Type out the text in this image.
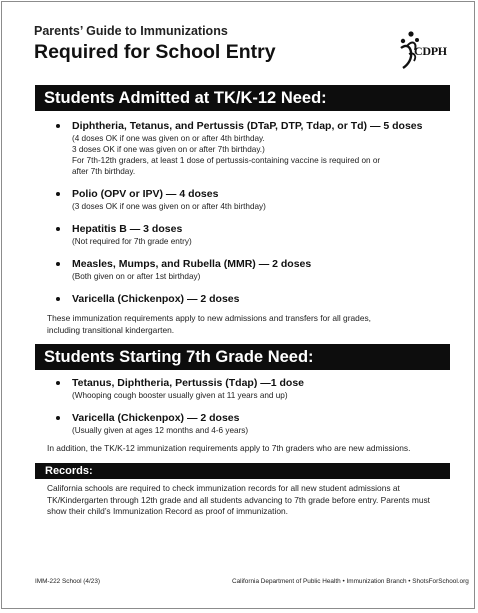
Parents’ Guide to Immunizations
Required for School Entry	CDPH
Students Admitted at TK/K-12 Need:
Diphtheria, Tetanus, and Pertussis (DTaP, DTP, Tdap, or Td) — 5 doses
(4 doses OK if one was given on or after 4th birthday.
3 doses OK if one was given on or after 7th birthday.)
For 7th-12th graders, at least 1 dose of pertussis-containing vaccine is required on or
after 7th birthday.
Polio (OPV or IPV) — 4 doses
(3 doses OK if one was given on or after 4th birthday)
Hepatitis B — 3 doses
(Not required for 7th grade entry)
Measles, Mumps, and Rubella (MMR) — 2 doses
(Both given on or after 1st birthday)
Varicella (Chickenpox) — 2 doses

These immunization requirements apply to new admissions and transfers for all grades,
including transitional kindergarten.

Students Starting 7th Grade Need:
Tetanus, Diphtheria, Pertussis (Tdap) —1 dose
(Whooping cough booster usually given at 11 years and up)
Varicella (Chickenpox) — 2 doses
(Usually given at ages 12 months and 4-6 years)

In addition, the TK/K-12 immunization requirements apply to 7th graders who are new admissions.

Records:

California schools are required to check immunization records for all new student admissions at
TK/Kindergarten through 12th grade and all students advancing to 7th grade before entry. Parents must
show their child’s Immunization Record as proof of immunization.

IMM-222 School (4/23)	California Department of Public Health • Immunization Branch • ShotsForSchool.org
